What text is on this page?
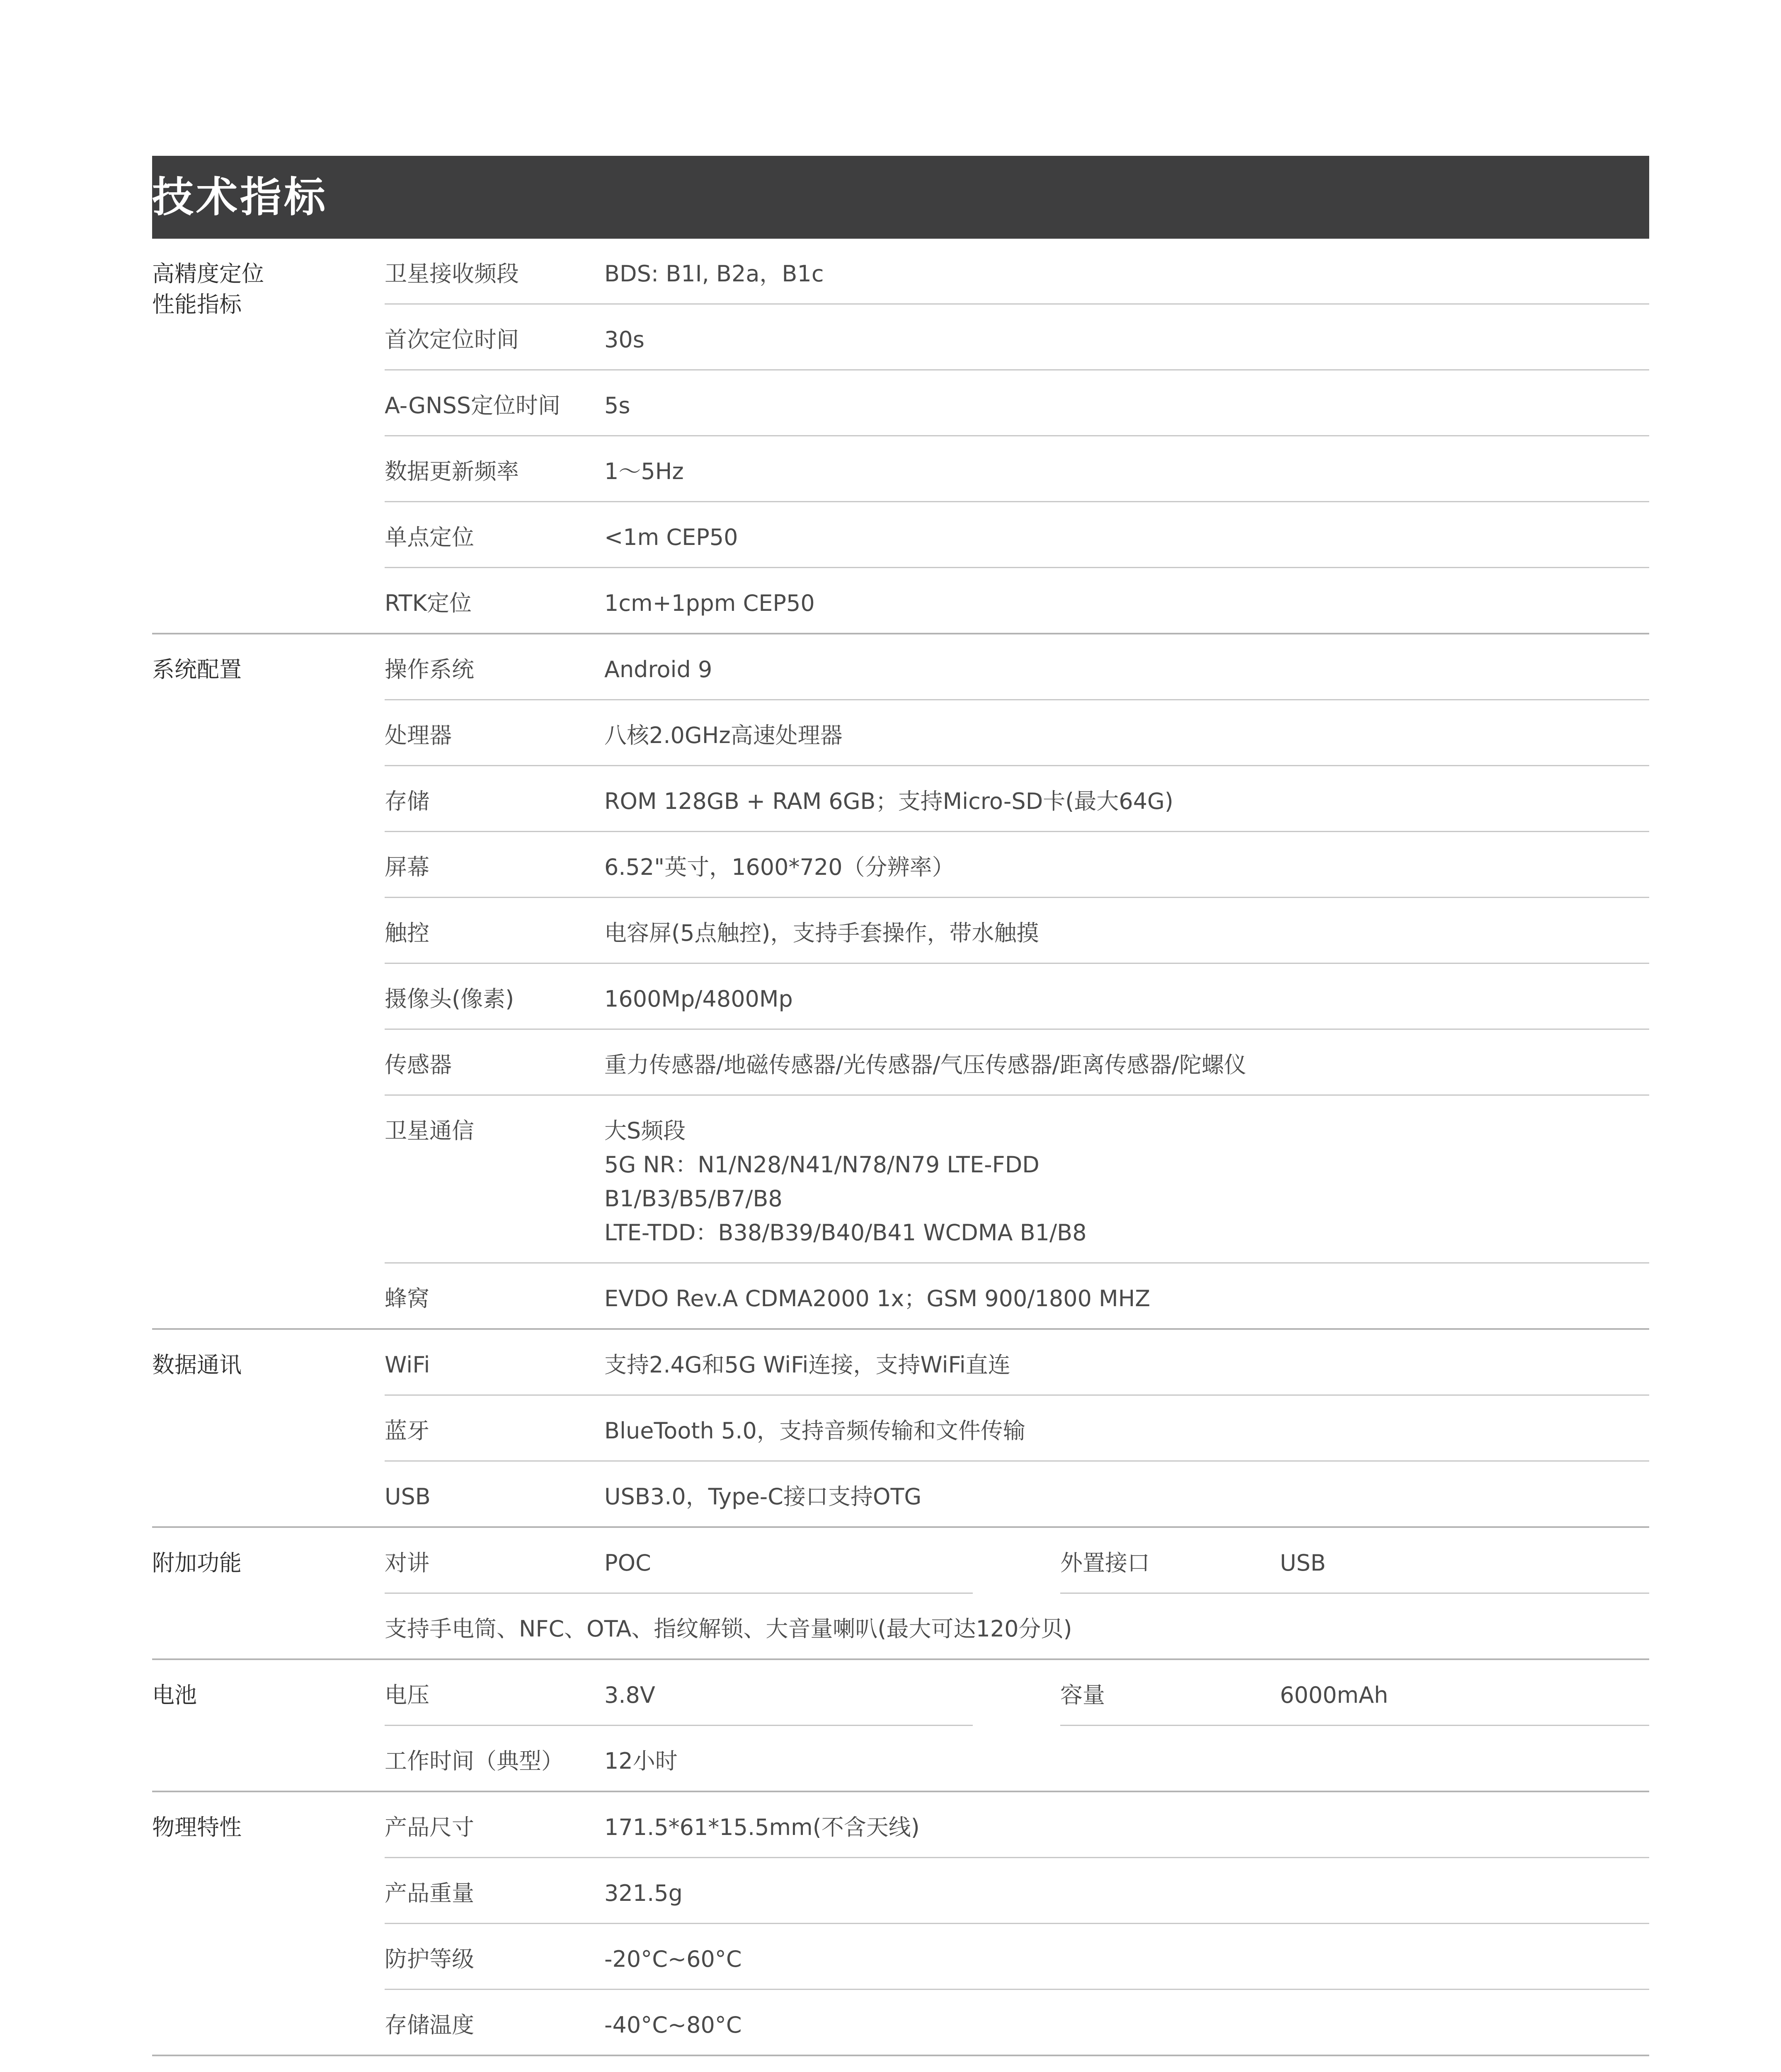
技术指标
高精度定位
性能指标
卫星接收频段	BDS: B1I, B2a，B1c
首次定位时间	30s
A-GNSS定位时间	5s
数据更新频率	1～5Hz
单点定位	<1m CEP50
RTK定位	1cm+1ppm CEP50
系统配置	操作系统	Android 9
处理器	八核2.0GHz高速处理器
存储	ROM 128GB + RAM 6GB；支持Micro-SD卡(最大64G)
屏幕	6.52"英寸，1600*720（分辨率）
触控	电容屏(5点触控)，支持手套操作，带水触摸
摄像头(像素)	1600Mp/4800Mp
传感器	重力传感器/地磁传感器/光传感器/气压传感器/距离传感器/陀螺仪
卫星通信	大S频段
5G NR：N1/N28/N41/N78/N79 LTE-FDD
B1/B3/B5/B7/B8
LTE-TDD：B38/B39/B40/B41 WCDMA B1/B8
蜂窝	EVDO Rev.A CDMA2000 1x；GSM 900/1800 MHZ
数据通讯	WiFi	支持2.4G和5G WiFi连接，支持WiFi直连
蓝牙	BlueTooth 5.0，支持音频传输和文件传输
USB	USB3.0，Type-C接口支持OTG
附加功能	对讲	POC	外置接口	USB
支持手电筒、NFC、OTA、指纹解锁、大音量喇叭(最大可达120分贝)
电池	电压	3.8V	容量	6000mAh
工作时间（典型）	12小时
物理特性	产品尺寸	171.5*61*15.5mm(不含天线)
产品重量	321.5g
防护等级	-20°C~60°C
存储温度	-40°C~80°C
